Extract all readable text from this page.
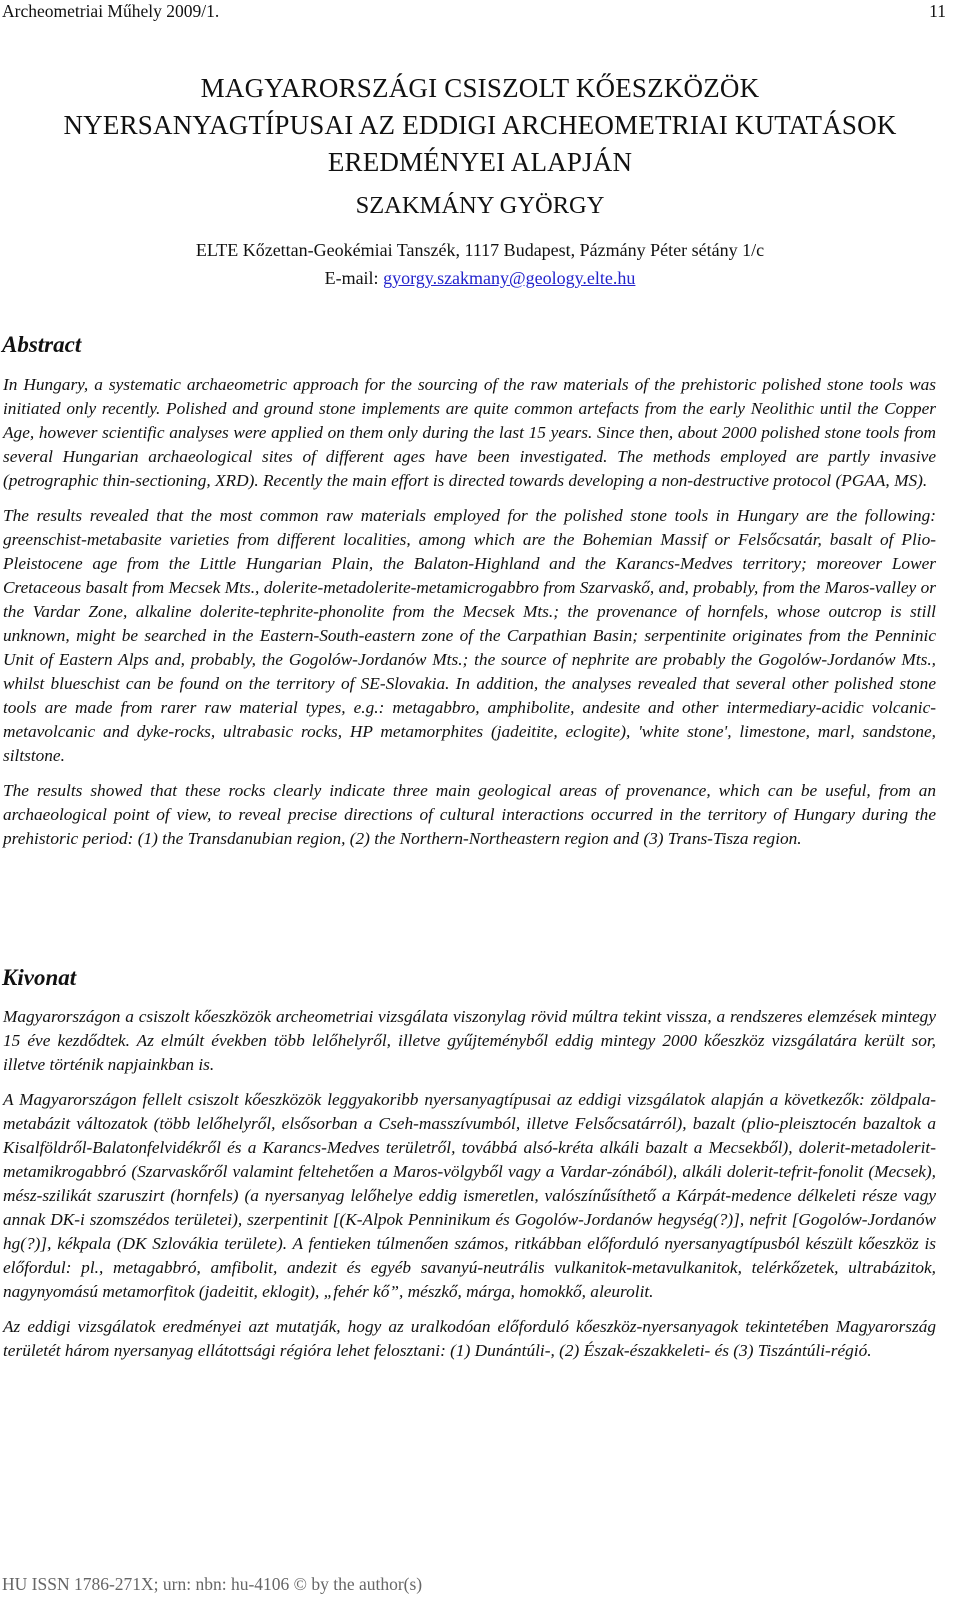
Archeometriai Műhely 2009/1.	11
MAGYARORSZÁGI CSISZOLT KŐESZKÖZÖK
NYERSANYAGTÍPUSAI AZ EDDIGI ARCHEOMETRIAI KUTATÁSOK
EREDMÉNYEI ALAPJÁN
SZAKMÁNY GYÖRGY
ELTE Kőzettan-Geokémiai Tanszék, 1117 Budapest, Pázmány Péter sétány 1/c
E-mail: gyorgy.szakmany@geology.elte.hu
Abstract

In Hungary, a systematic archaeometric approach for the sourcing of the raw materials of the prehistoric polished stone tools was initiated only recently. Polished and ground stone implements are quite common artefacts from the early Neolithic until the Copper Age, however scientific analyses were applied on them only during the last 15 years. Since then, about 2000 polished stone tools from several Hungarian archaeological sites of different ages have been investigated. The methods employed are partly invasive (petrographic thin-sectioning, XRD). Recently the main effort is directed towards developing a non-destructive protocol (PGAA, MS).

The results revealed that the most common raw materials employed for the polished stone tools in Hungary are the following: greenschist-metabasite varieties from different localities, among which are the Bohemian Massif or Felsőcsatár, basalt of Plio-Pleistocene age from the Little Hungarian Plain, the Balaton-Highland and the Karancs-Medves territory; moreover Lower Cretaceous basalt from Mecsek Mts., dolerite-metadolerite-metamicrogabbro from Szarvaskő, and, probably, from the Maros-valley or the Vardar Zone, alkaline dolerite-tephrite-phonolite from the Mecsek Mts.; the provenance of hornfels, whose outcrop is still unknown, might be searched in the Eastern-South-eastern zone of the Carpathian Basin; serpentinite originates from the Penninic Unit of Eastern Alps and, probably, the Gogolów-Jordanów Mts.; the source of nephrite are probably the Gogolów-Jordanów Mts., whilst blueschist can be found on the territory of SE-Slovakia. In addition, the analyses revealed that several other polished stone tools are made from rarer raw material types, e.g.: metagabbro, amphibolite, andesite and other intermediary-acidic volcanic-metavolcanic and dyke-rocks, ultrabasic rocks, HP metamorphites (jadeitite, eclogite), 'white stone', limestone, marl, sandstone, siltstone.

The results showed that these rocks clearly indicate three main geological areas of provenance, which can be useful, from an archaeological point of view, to reveal precise directions of cultural interactions occurred in the territory of Hungary during the prehistoric period: (1) the Transdanubian region, (2) the Northern-Northeastern region and (3) Trans-Tisza region.

Kivonat

Magyarországon a csiszolt kőeszközök archeometriai vizsgálata viszonylag rövid múltra tekint vissza, a rendszeres elemzések mintegy 15 éve kezdődtek. Az elmúlt években több lelőhelyről, illetve gyűjteményből eddig mintegy 2000 kőeszköz vizsgálatára került sor, illetve történik napjainkban is.

A Magyarországon fellelt csiszolt kőeszközök leggyakoribb nyersanyagtípusai az eddigi vizsgálatok alapján a következők: zöldpala-metabázit változatok (több lelőhelyről, elsősorban a Cseh-masszívumból, illetve Felsőcsatárról), bazalt (plio-pleisztocén bazaltok a Kisalföldről-Balatonfelvidékről és a Karancs-Medves területről, továbbá alsó-kréta alkáli bazalt a Mecsekből), dolerit-metadolerit-metamikrogabbró (Szarvaskőről valamint feltehetően a Maros-völgyből vagy a Vardar-zónából), alkáli dolerit-tefrit-fonolit (Mecsek), mész-szilikát szaruszirt (hornfels) (a nyersanyag lelőhelye eddig ismeretlen, valószínűsíthető a Kárpát-medence délkeleti része vagy annak DK-i szomszédos területei), szerpentinit [(K-Alpok Penninikum és Gogolów-Jordanów hegység(?)], nefrit [Gogolów-Jordanów hg(?)], kékpala (DK Szlovákia területe). A fentieken túlmenően számos, ritkábban előforduló nyersanyagtípusból készült kőeszköz is előfordul: pl., metagabbró, amfibolit, andezit és egyéb savanyú-neutrális vulkanitok-metavulkanitok, telérkőzetek, ultrabázitok, nagynyomású metamorfitok (jadeitit, eklogit), „fehér kő”, mészkő, márga, homokkő, aleurolit.

Az eddigi vizsgálatok eredményei azt mutatják, hogy az uralkodóan előforduló kőeszköz-nyersanyagok tekintetében Magyarország területét három nyersanyag ellátottsági régióra lehet felosztani: (1) Dunántúli-, (2) Észak-északkeleti- és (3) Tiszántúli-régió.

HU ISSN 1786-271X; urn: nbn: hu-4106 © by the author(s)
